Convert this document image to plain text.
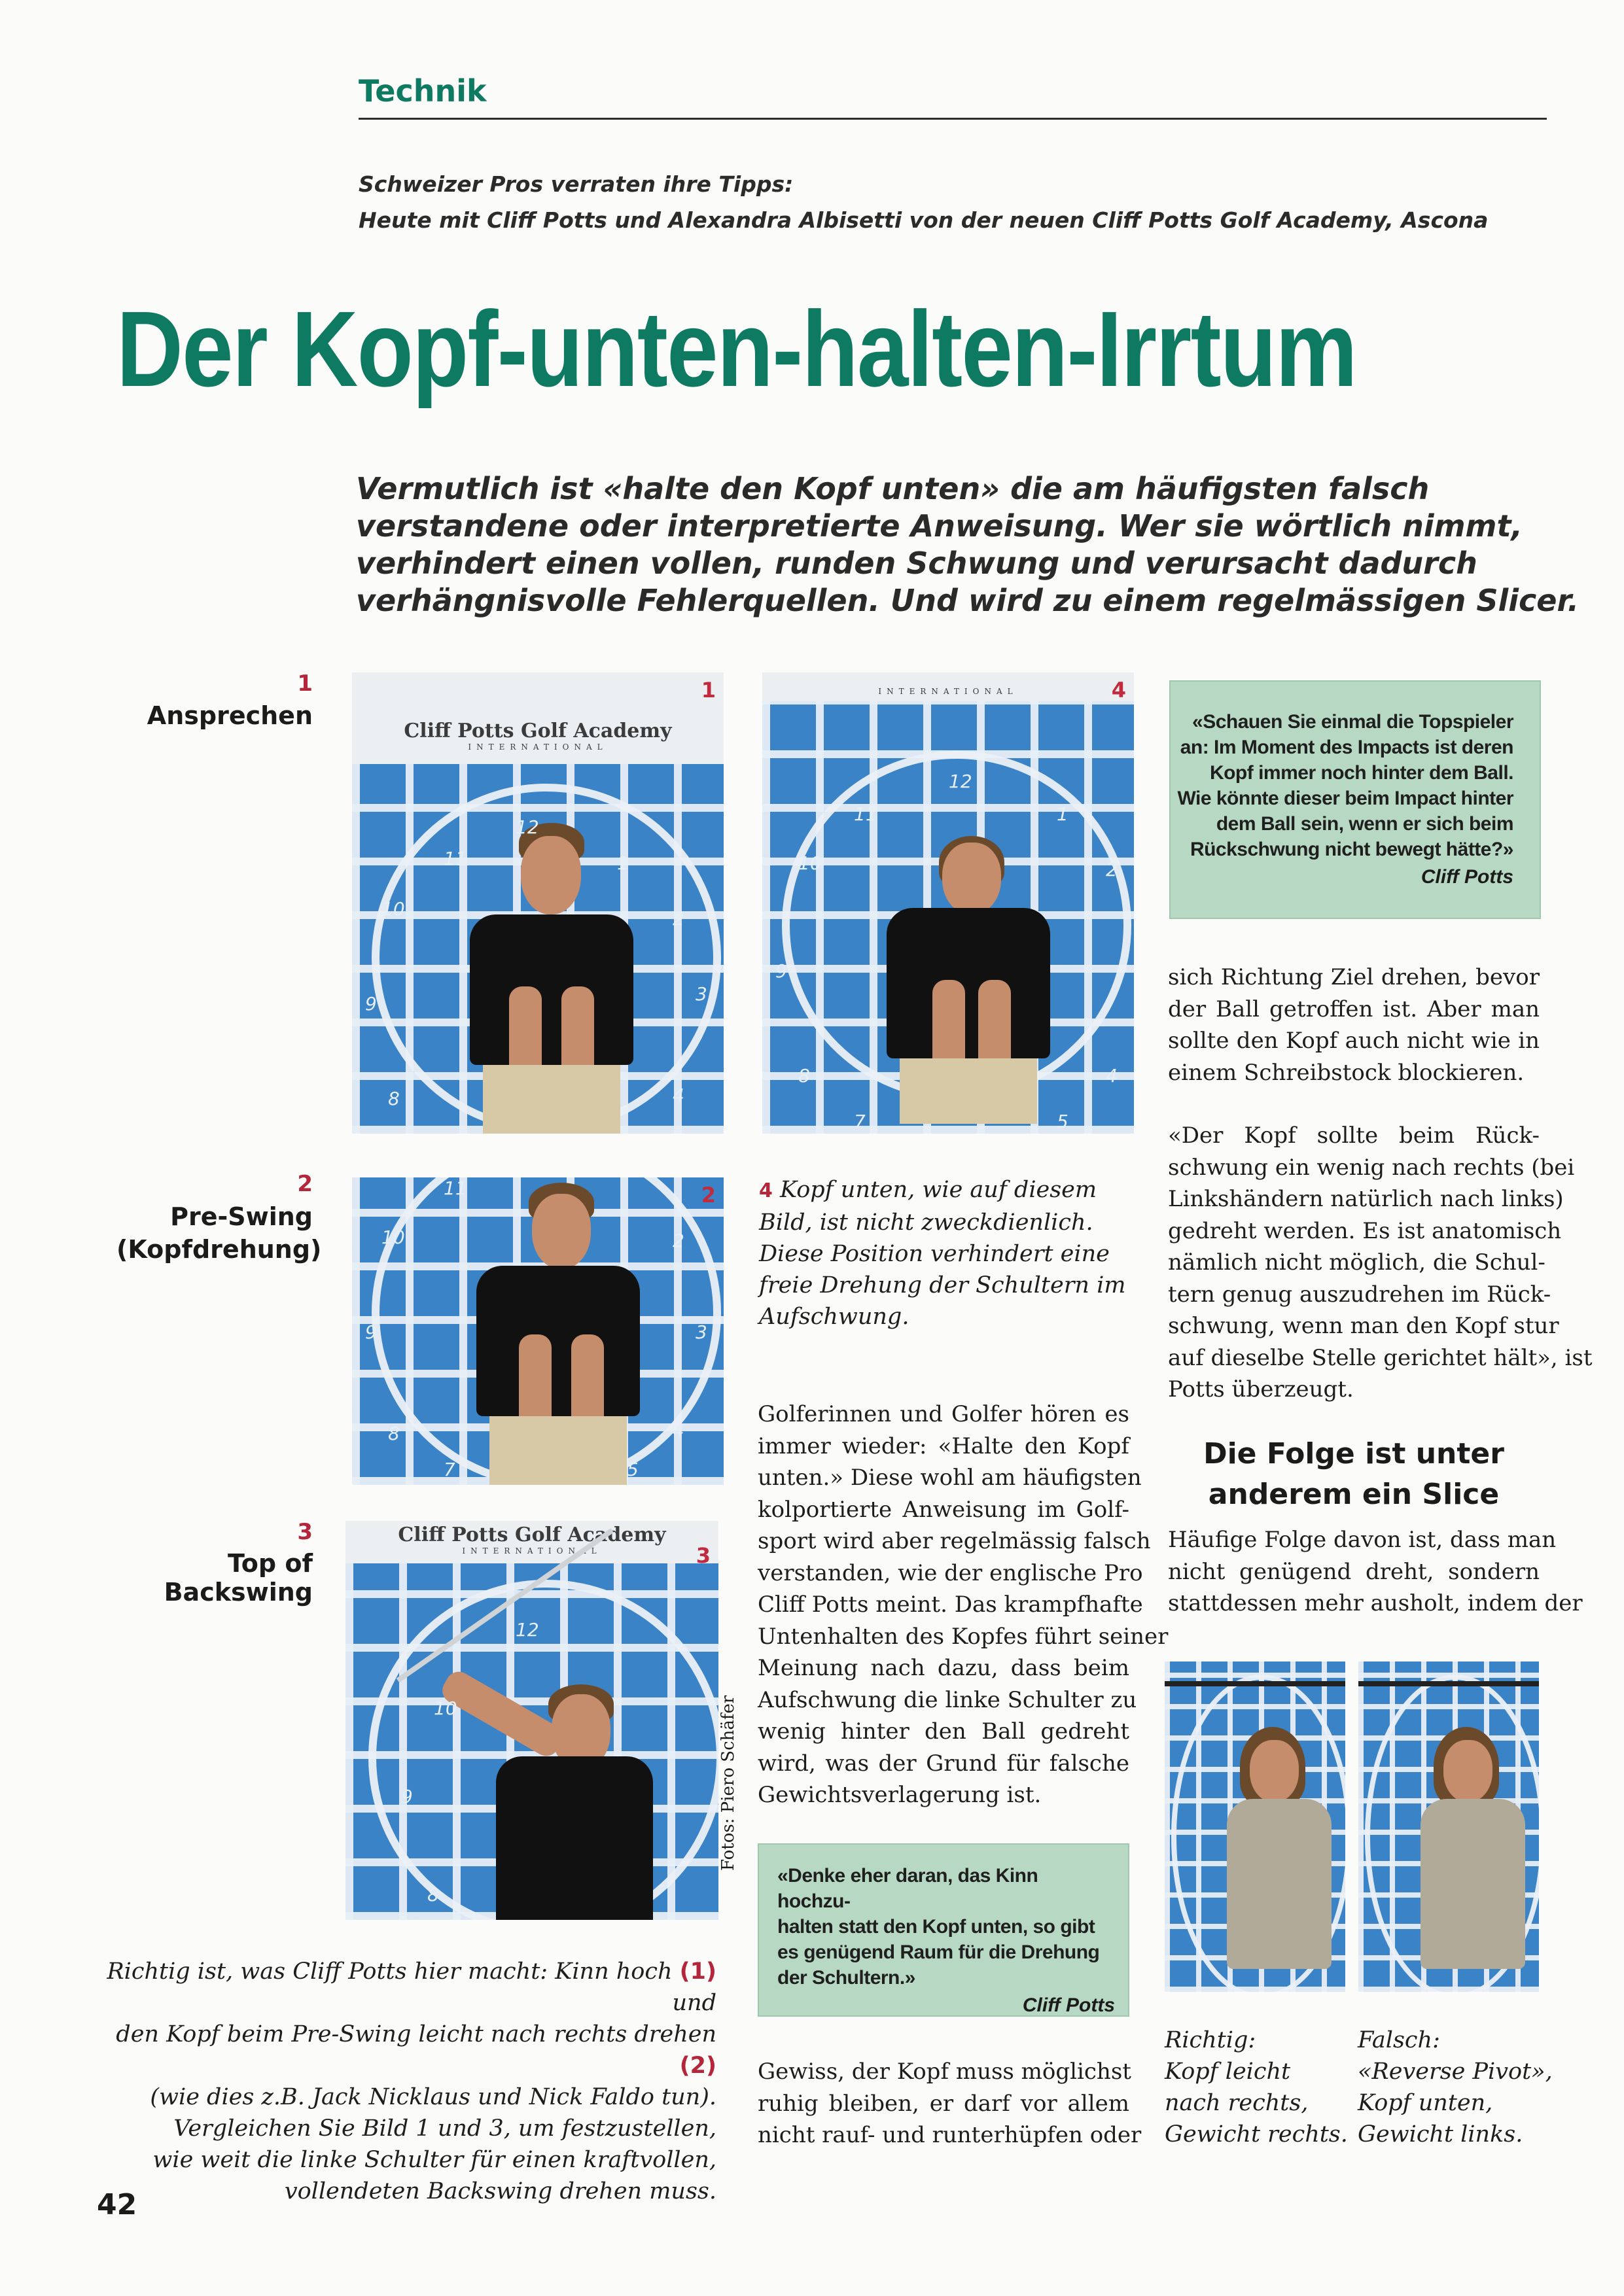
Technik
Schweizer Pros verraten ihre Tipps:
Heute mit Cliff Potts und Alexandra Albisetti von der neuen Cliff Potts Golf Academy, Ascona
Der Kopf-unten-halten-Irrtum
Vermutlich ist «halte den Kopf unten» die am häufigsten falsch
verstandene oder interpretierte Anweisung. Wer sie wörtlich nimmt,
verhindert einen vollen, runden Schwung und verursacht dadurch
verhängnisvolle Fehlerquellen. Und wird zu einem regelmässigen Slicer.
1
Ansprechen
2
Pre-Swing
(Kopfdrehung)
3
Top of Backswing
Cliff Potts Golf Academy
INTERNATIONAL
1
12
1
2
3
4
8
9
10
11
2
11
10
9
8
7
2
3
4
5
Cliff Potts Golf Academy
INTERNATIONAL	3
12
10
9
8
INTERNATIONAL	4
12
1
2
4
5
7
8
9
10
11
«Schauen Sie einmal die Topspieler
an: Im Moment des Impacts ist deren
Kopf immer noch hinter dem Ball.
Wie könnte dieser beim Impact hinter
dem Ball sein, wenn er sich beim
Rückschwung nicht bewegt hätte?»
Cliff Potts
sich Richtung Ziel drehen, bevor
der Ball getroffen ist. Aber man
sollte den Kopf auch nicht wie in
einem Schreibstock blockieren.
«Der Kopf sollte beim Rück-
schwung ein wenig nach rechts (bei
Linkshändern natürlich nach links)
gedreht werden. Es ist anatomisch
nämlich nicht möglich, die Schul-
tern genug auszudrehen im Rück-
schwung, wenn man den Kopf stur
auf dieselbe Stelle gerichtet hält», ist
Potts überzeugt.
Die Folge ist unter
anderem ein Slice
Häufige Folge davon ist, dass man
nicht genügend dreht, sondern
stattdessen mehr ausholt, indem der
4 Kopf unten, wie auf diesem
Bild, ist nicht zweckdienlich.
Diese Position verhindert eine
freie Drehung der Schultern im
Aufschwung.
Golferinnen und Golfer hören es
immer wieder: «Halte den Kopf
unten.» Diese wohl am häufigsten
kolportierte Anweisung im Golf-
sport wird aber regelmässig falsch
verstanden, wie der englische Pro
Cliff Potts meint. Das krampfhafte
Untenhalten des Kopfes führt seiner
Meinung nach dazu, dass beim
Aufschwung die linke Schulter zu
wenig hinter den Ball gedreht
wird, was der Grund für falsche
Gewichtsverlagerung ist.
Fotos: Piero Schäfer
«Denke eher daran, das Kinn hochzu-
halten statt den Kopf unten, so gibt
es genügend Raum für die Drehung
der Schultern.»
Cliff Potts
Gewiss, der Kopf muss möglichst
ruhig bleiben, er darf vor allem
nicht rauf- und runterhüpfen oder
Richtig ist, was Cliff Potts hier macht: Kinn hoch (1) und
den Kopf beim Pre-Swing leicht nach rechts drehen (2)
(wie dies z.B. Jack Nicklaus und Nick Faldo tun).
Vergleichen Sie Bild 1 und 3, um festzustellen,
wie weit die linke Schulter für einen kraftvollen,
vollendeten Backswing drehen muss.
Richtig:
Kopf leicht
nach rechts,
Gewicht rechts.
Falsch:
«Reverse Pivot»,
Kopf unten,
Gewicht links.
42
